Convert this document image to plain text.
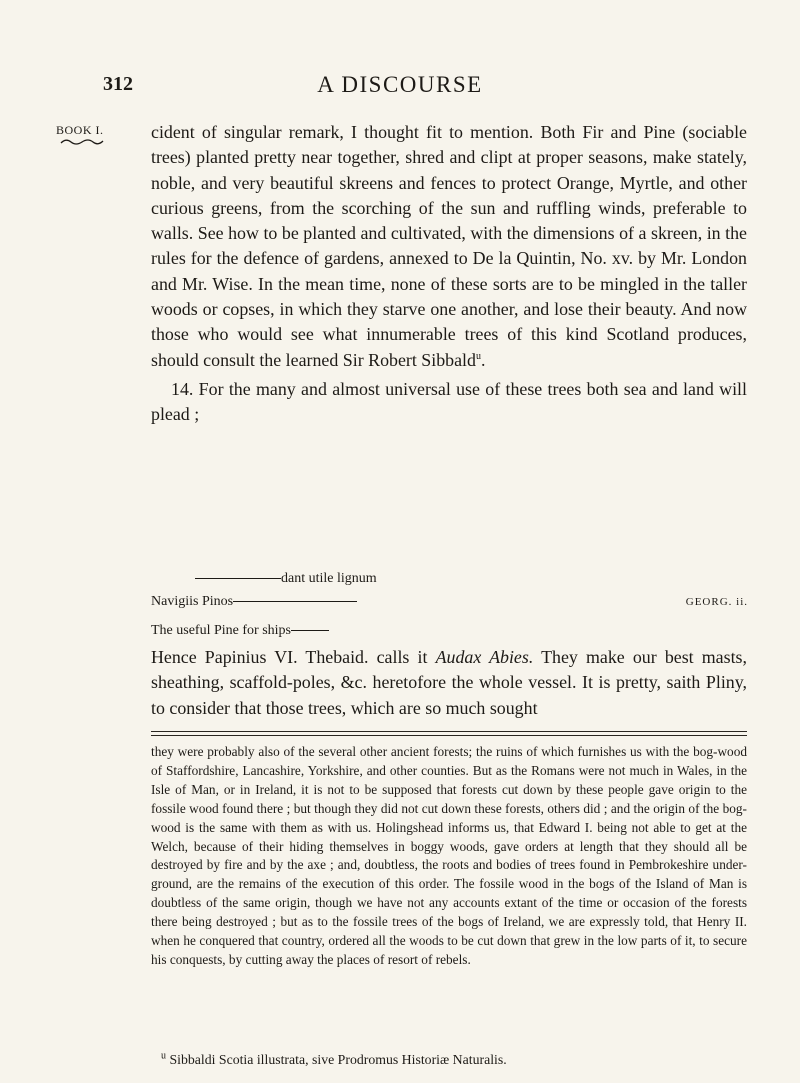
312	A DISCOURSE
BOOK I.	cident of singular remark, I thought fit to mention. Both Fir and Pine (sociable trees) planted pretty near together, shred and clipt at proper seasons, make stately, noble, and very beautiful skreens and fences to protect Orange, Myrtle, and other curious greens, from the scorching of the sun and ruffling winds, preferable to walls. See how to be planted and cultivated, with the dimensions of a skreen, in the rules for the defence of gardens, annexed to De la Quintin, No. xv. by Mr. London and Mr. Wise. In the mean time, none of these sorts are to be mingled in the taller woods or copses, in which they starve one another, and lose their beauty. And now those who would see what innumerable trees of this kind Scotland produces, should consult the learned Sir Robert Sibbald$^u$.

14. For the many and almost universal use of these trees both sea and land will plead ;

dant utile lignum
Navigiis Pinos	GEORG. ii.
The useful Pine for ships
Hence Papinius VI. Thebaid. calls it Audax Abies. They make our best masts, sheathing, scaffold-poles, &c. heretofore the whole vessel. It is pretty, saith Pliny, to consider that those trees, which are so much sought
they were probably also of the several other ancient forests; the ruins of which furnishes us with the bog-wood of Staffordshire, Lancashire, Yorkshire, and other counties. But as the Romans were not much in Wales, in the Isle of Man, or in Ireland, it is not to be supposed that forests cut down by these people gave origin to the fossile wood found there ; but though they did not cut down these forests, others did ; and the origin of the bog-wood is the same with them as with us. Holingshead informs us, that Edward I. being not able to get at the Welch, because of their hiding themselves in boggy woods, gave orders at length that they should all be destroyed by fire and by the axe ; and, doubtless, the roots and bodies of trees found in Pembrokeshire under-ground, are the remains of the execution of this order. The fossile wood in the bogs of the Island of Man is doubtless of the same origin, though we have not any accounts extant of the time or occasion of the forests there being destroyed ; but as to the fossile trees of the bogs of Ireland, we are expressly told, that Henry II. when he conquered that country, ordered all the woods to be cut down that grew in the low parts of it, to secure his conquests, by cutting away the places of resort of rebels.
$^u$ Sibbaldi Scotia illustrata, sive Prodromus Historiæ Naturalis.
